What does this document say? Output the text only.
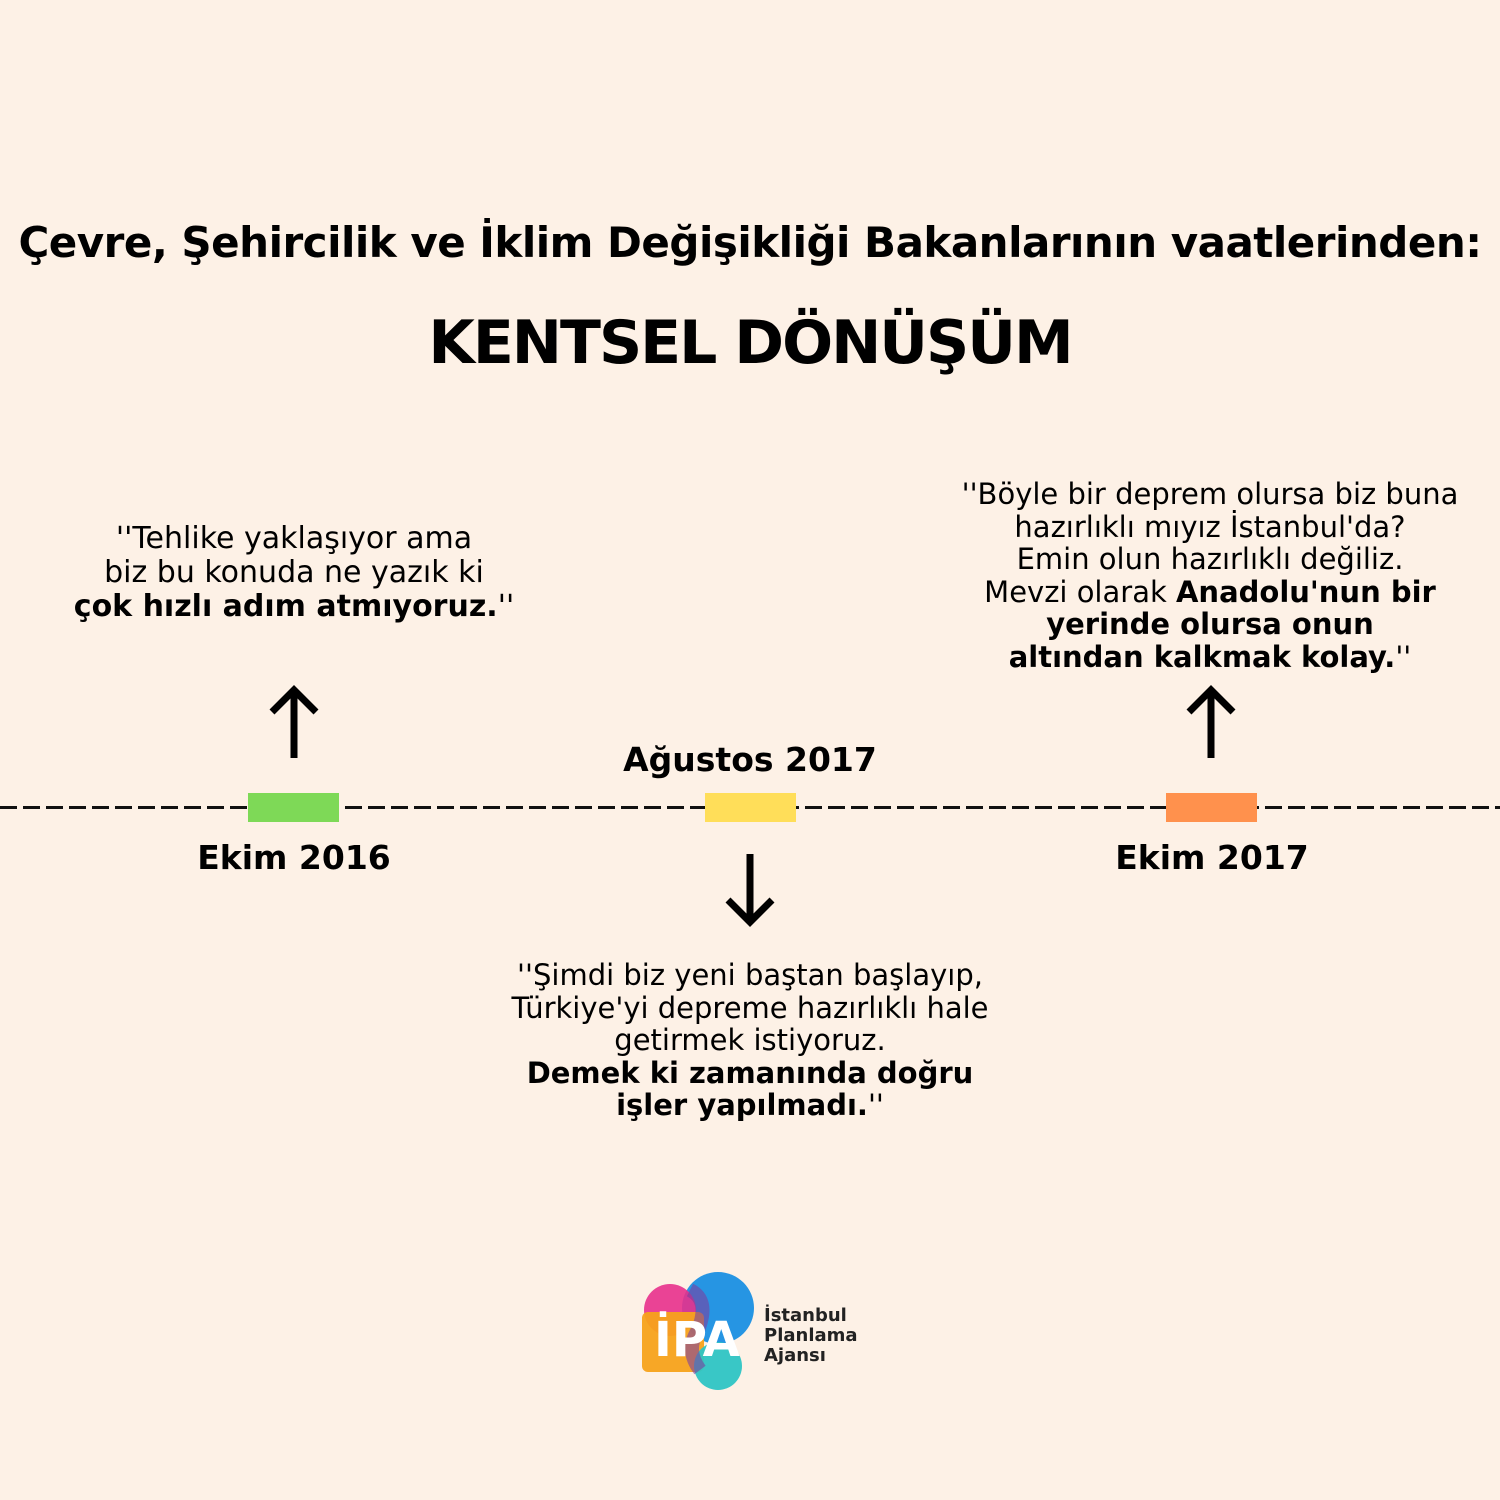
Çevre, Şehircilik ve İklim Değişikliği Bakanlarının vaatlerinden:
KENTSEL DÖNÜŞÜM
''Tehlike yaklaşıyor ama
biz bu konuda ne yazık ki
çok hızlı adım atmıyoruz.''
''Böyle bir deprem olursa biz buna
hazırlıklı mıyız İstanbul'da?
Emin olun hazırlıklı değiliz.
Mevzi olarak Anadolu'nun bir
yerinde olursa onun
altından kalkmak kolay.''
Ağustos 2017
Ekim 2016	Ekim 2017
''Şimdi biz yeni baştan başlayıp,
Türkiye'yi depreme hazırlıklı hale
getirmek istiyoruz.
Demek ki zamanında doğru
işler yapılmadı.''
İPA İstanbul
Planlama
Ajansı
